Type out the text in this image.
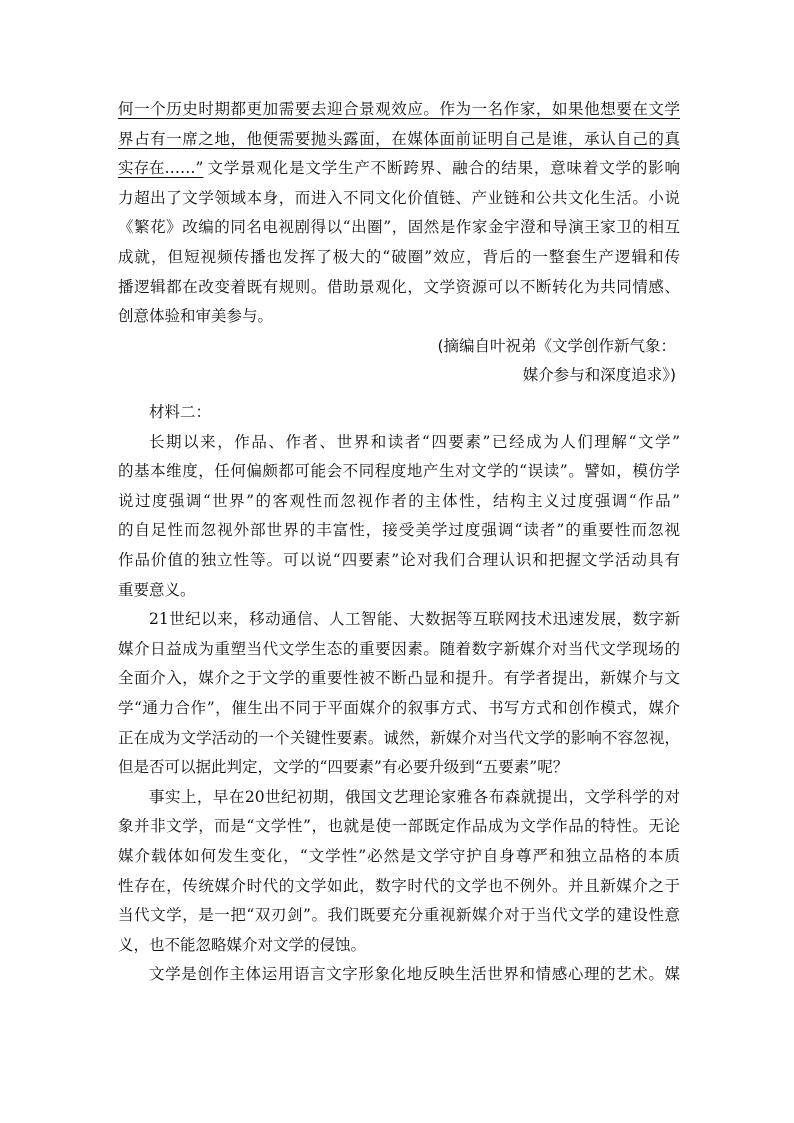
何一个历史时期都更加需要去迎合景观效应。作为一名作家，如果他想要在文学
界占有一席之地，他便需要抛头露面，在媒体面前证明自己是谁，承认自己的真
实存在……” 文学景观化是文学生产不断跨界、融合的结果，意味着文学的影响
力超出了文学领域本身，而进入不同文化价值链、产业链和公共文化生活。小说
《繁花》改编的同名电视剧得以“出圈”，固然是作家金宇澄和导演王家卫的相互
成就，但短视频传播也发挥了极大的“破圈”效应，背后的一整套生产逻辑和传
播逻辑都在改变着既有规则。借助景观化，文学资源可以不断转化为共同情感、
创意体验和审美参与。
(摘编自叶祝弟《文学创作新气象：
媒介参与和深度追求》)
材料二：
长期以来，作品、作者、世界和读者“四要素”已经成为人们理解“文学”
的基本维度，任何偏颇都可能会不同程度地产生对文学的“误读”。譬如，模仿学
说过度强调“世界”的客观性而忽视作者的主体性，结构主义过度强调“作品”
的自足性而忽视外部世界的丰富性，接受美学过度强调“读者”的重要性而忽视
作品价值的独立性等。可以说“四要素”论对我们合理认识和把握文学活动具有
重要意义。
21世纪以来，移动通信、人工智能、大数据等互联网技术迅速发展，数字新
媒介日益成为重塑当代文学生态的重要因素。随着数字新媒介对当代文学现场的
全面介入，媒介之于文学的重要性被不断凸显和提升。有学者提出，新媒介与文
学“通力合作”，催生出不同于平面媒介的叙事方式、书写方式和创作模式，媒介
正在成为文学活动的一个关键性要素。诚然，新媒介对当代文学的影响不容忽视，
但是否可以据此判定，文学的“四要素”有必要升级到“五要素”呢？
事实上，早在20世纪初期，俄国文艺理论家雅各布森就提出，文学科学的对
象并非文学，而是“文学性”，也就是使一部既定作品成为文学作品的特性。无论
媒介载体如何发生变化，“文学性”必然是文学守护自身尊严和独立品格的本质
性存在，传统媒介时代的文学如此，数字时代的文学也不例外。并且新媒介之于
当代文学，是一把“双刃剑”。我们既要充分重视新媒介对于当代文学的建设性意
义，也不能忽略媒介对文学的侵蚀。
文学是创作主体运用语言文字形象化地反映生活世界和情感心理的艺术。媒
